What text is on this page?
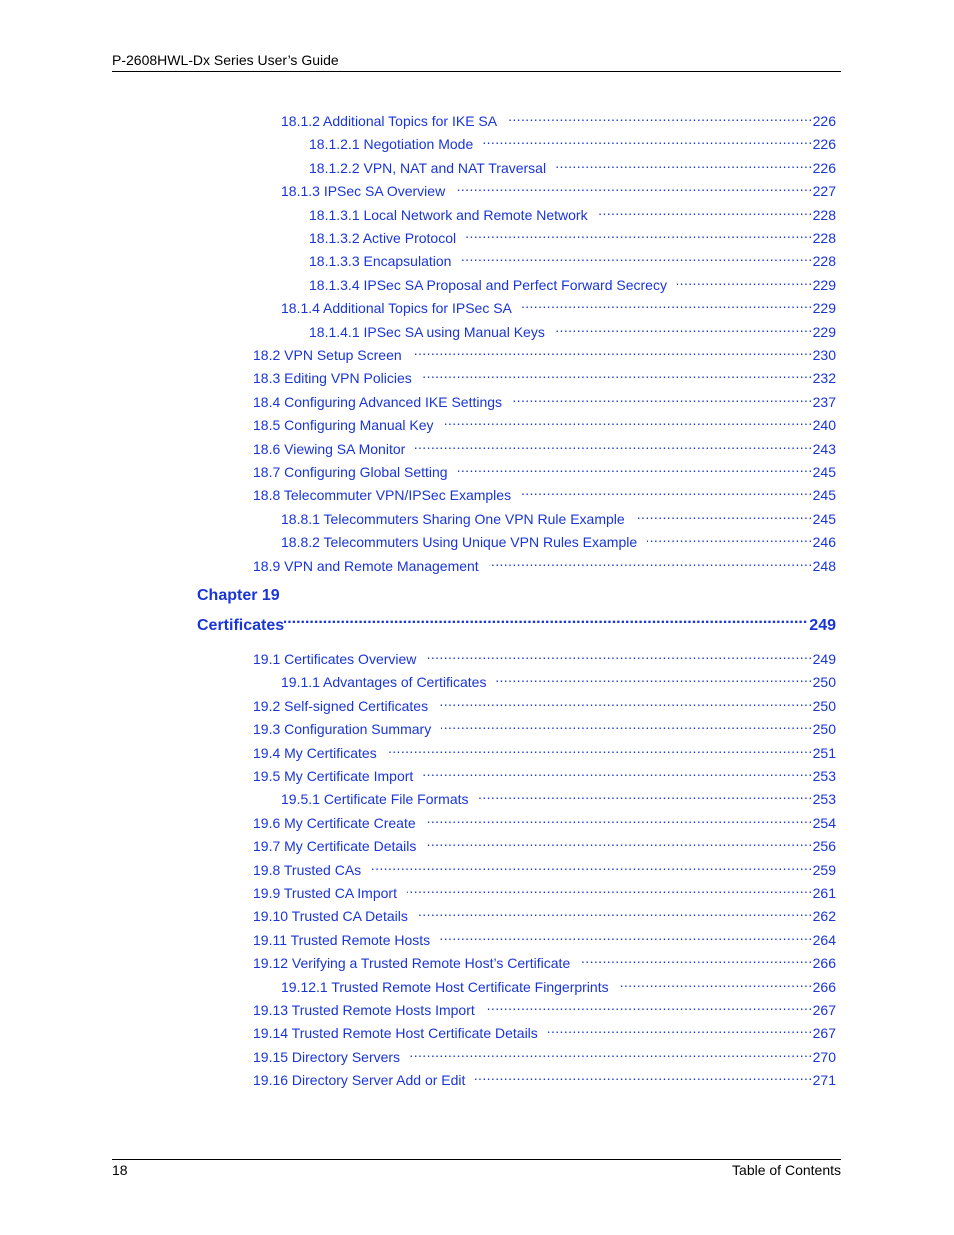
P-2608HWL-Dx Series User’s Guide
18.1.2 Additional Topics for IKE SA .....	226
18.1.2.1 Negotiation Mode .....	226
18.1.2.2 VPN, NAT and NAT Traversal .....	226
18.1.3 IPSec SA Overview .....	227
18.1.3.1 Local Network and Remote Network .....	228
18.1.3.2 Active Protocol .....	228
18.1.3.3 Encapsulation .....	228
18.1.3.4 IPSec SA Proposal and Perfect Forward Secrecy .....	229
18.1.4 Additional Topics for IPSec SA .....	229
18.1.4.1 IPSec SA using Manual Keys .....	229
18.2 VPN Setup Screen .....	230
18.3 Editing VPN Policies .....	232
18.4 Configuring Advanced IKE Settings .....	237
18.5 Configuring Manual Key .....	240
18.6 Viewing SA Monitor .....	243
18.7 Configuring Global Setting .....	245
18.8 Telecommuter VPN/IPSec Examples .....	245
18.8.1 Telecommuters Sharing One VPN Rule Example .....	245
18.8.2 Telecommuters Using Unique VPN Rules Example .....	246
18.9 VPN and Remote Management .....	248
19.1 Certificates Overview .....	249
19.1.1 Advantages of Certificates .....	250
19.2 Self-signed Certificates .....	250
19.3 Configuration Summary .....	250
19.4 My Certificates .....	251
19.5 My Certificate Import .....	253
19.5.1 Certificate File Formats .....	253
19.6 My Certificate Create .....	254
19.7 My Certificate Details .....	256
19.8 Trusted CAs .....	259
19.9 Trusted CA Import .....	261
19.10 Trusted CA Details .....	262
19.11 Trusted Remote Hosts .....	264
19.12 Verifying a Trusted Remote Host’s Certificate .....	266
19.12.1 Trusted Remote Host Certificate Fingerprints .....	266
19.13 Trusted Remote Hosts Import .....	267
19.14 Trusted Remote Host Certificate Details .....	267
19.15 Directory Servers .....	270
19.16 Directory Server Add or Edit .....	271
Chapter 19
Certificates .....	249
18	Table of Contents
